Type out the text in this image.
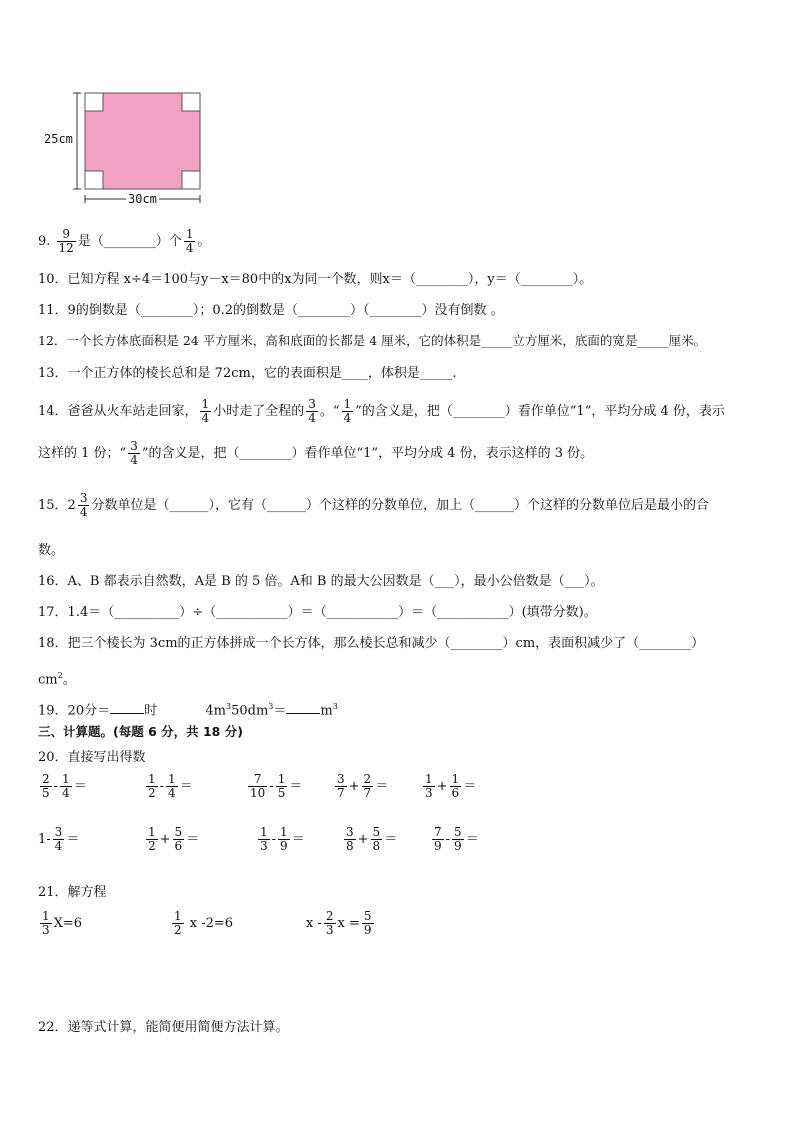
25cm
30cm
9. $\frac{9}{12}$ 是（________）个 $\frac{1}{4}$ 。
10．已知方程 x÷4＝100与y－x＝80中的x为同一个数，则x＝（________），y＝（________）。
11．9的倒数是（________）；0.2的倒数是（________）（________）没有倒数 。
12．一个长方体底面积是 24 平方厘米，高和底面的长都是 4 厘米，它的体积是_____立方厘米，底面的宽是_____厘米。
13．一个正方体的棱长总和是 72cm，它的表面积是____，体积是_____.
14．爸爸从火车站走回家， $\frac{1}{4}$ 小时走了全程的 $\frac{3}{4}$ 。“ $\frac{1}{4}$ ”的含义是，把（________）看作单位“1”，平均分成 4 份，表示
这样的 1 份；“ $\frac{3}{4}$ ”的含义是，把（________）看作单位“1”，平均分成 4 份，表示这样的 3 份。
15．$2 \frac{3}{4}$ 分数单位是（______），它有（______）个这样的分数单位，加上（______）个这样的分数单位后是最小的合
数。
16．A、B 都表示自然数，A是 B 的 5 倍。A和 B 的最大公因数是（___），最小公倍数是（___）。
17．1.4＝（__________）÷（___________）＝（___________）＝（___________）(填带分数)。
18．把三个棱长为 3cm的正方体拼成一个长方体，那么棱长总和减少（________）cm，表面积减少了（________）
$cm^2$。
19．20分＝	时	$4m^350dm^3=$	$m^3$
三、计算题。(每题 6 分，共 18 分)
20．直接写出得数
$\frac{2}{5} - \frac{1}{4}$ ＝	$\frac{1}{2} - \frac{1}{4}$ ＝	$\frac{7}{10} - \frac{1}{5}$ ＝	$\frac{3}{7} + \frac{2}{7}$ ＝	$\frac{1}{3} + \frac{1}{6}$ ＝
$1- \frac{3}{4}$ ＝	$\frac{1}{2} + \frac{5}{6}$ ＝	$\frac{1}{3} - \frac{1}{9}$ ＝	$\frac{3}{8} + \frac{5}{8}$ ＝	$\frac{7}{9} - \frac{5}{9}$ ＝
21．解方程
$\frac{1}{3} X=6$	$\frac{1}{2}$ x -2=6	x - $\frac{2}{3}$ $x = \frac{5}{9}$
22．递等式计算，能简便用简便方法计算。
